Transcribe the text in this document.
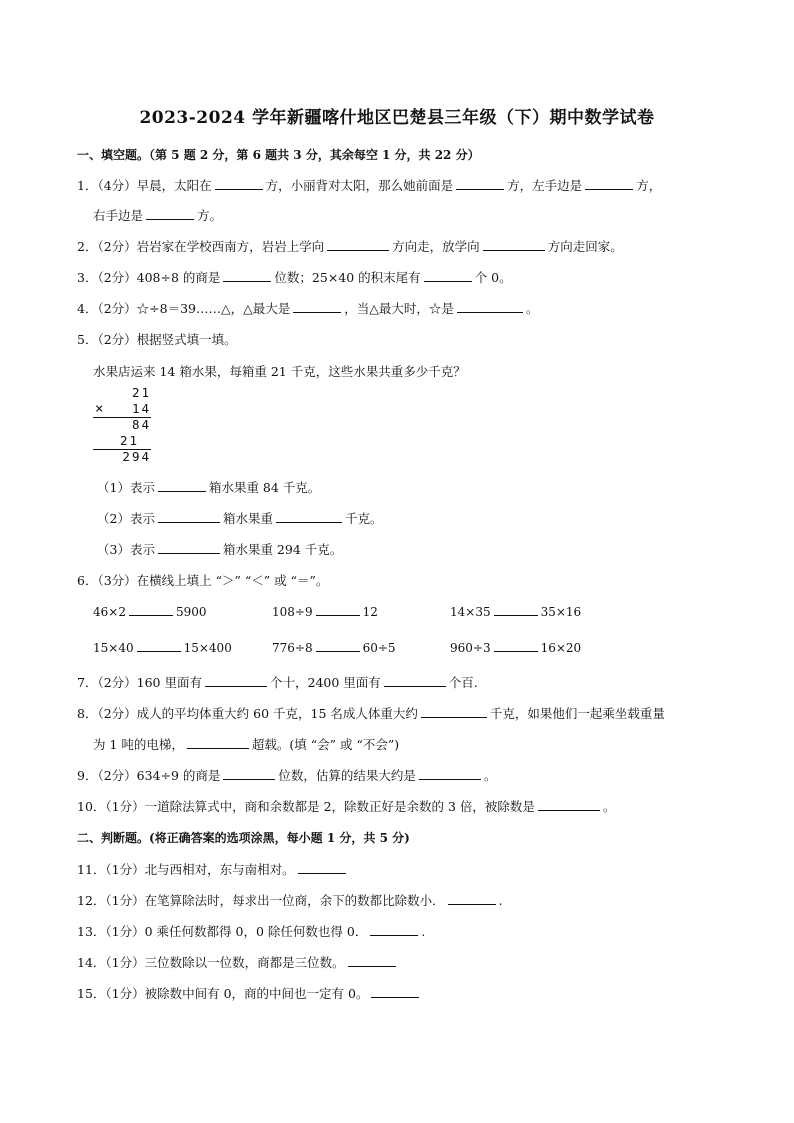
2023-2024 学年新疆喀什地区巴楚县三年级（下）期中数学试卷
一、填空题。（第 5 题 2 分，第 6 题共 3 分，其余每空 1 分，共 22 分）
1．（4分）早晨，太阳在	方，小丽背对太阳，那么她前面是	方，左手边是	方，
右手边是	方。
2．（2分）岩岩家在学校西南方，岩岩上学向	方向走，放学向	方向走回家。
3．（2分）408÷8 的商是	位数；25×40 的积末尾有	个 0。
4．（2分）☆÷8＝39……△，△最大是	，当△最大时，☆是	。
5．（2分）根据竖式填一填。
水果店运来 14 箱水果，每箱重 21 千克，这些水果共重多少千克？
21
× 14
84
21
294
（1）表示	箱水果重 84 千克。
（2）表示	箱水果重	千克。
（3）表示	箱水果重 294 千克。
6．（3分）在横线上填上 “＞” “＜” 或 “＝”。
46×2	5900	108÷9	12	14×35	35×16
15×40	15×400	776÷8	60÷5	960÷3	16×20
7．（2分）160 里面有	个十，2400 里面有	个百.
8．（2分）成人的平均体重大约 60 千克，15 名成人体重大约	千克，如果他们一起乘坐载重量
为 1 吨的电梯，	超载。(填 “会” 或 “不会”)
9．（2分）634÷9 的商是	位数，估算的结果大约是	。
10．（1分）一道除法算式中，商和余数都是 2，除数正好是余数的 3 倍，被除数是	。
二、判断题。(将正确答案的选项涂黑，每小题 1 分，共 5 分)
11．（1分）北与西相对，东与南相对。
12．（1分）在笔算除法时，每求出一位商，余下的数都比除数小．	.
13．（1分）0 乘任何数都得 0，0 除任何数也得 0．	.
14．（1分）三位数除以一位数，商都是三位数。
15．（1分）被除数中间有 0，商的中间也一定有 0。
